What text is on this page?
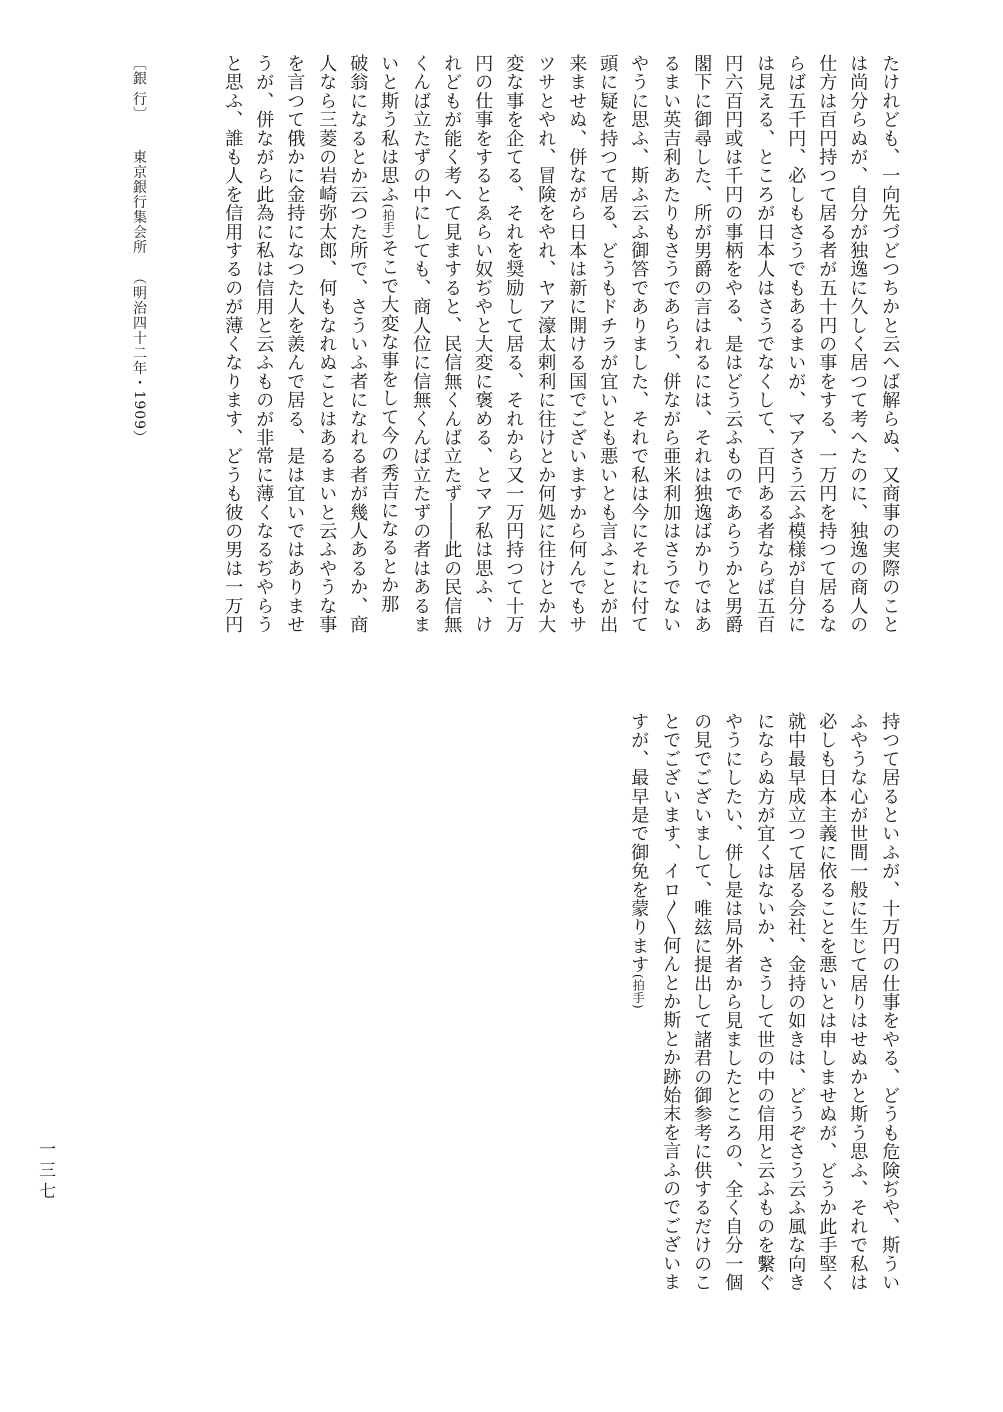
たけれども、一向先づどつちかと云へば解らぬ、又商事の実際のこと

は尚分らぬが、自分が独逸に久しく居つて考へたのに、独逸の商人の

仕方は百円持つて居る者が五十円の事をする、一万円を持つて居るな

らば五千円、必しもさうでもあるまいが、マアさう云ふ模様が自分に

は見える、ところが日本人はさうでなくして、百円ある者ならば五百

円六百円或は千円の事柄をやる、是はどう云ふものであらうかと男爵

閣下に御尋した、所が男爵の言はれるには、それは独逸ばかりではあ

るまい英吉利あたりもさうであらう、併ながら亜米利加はさうでない

やうに思ふ、斯ふ云ふ御答でありました、それで私は今にそれに付て

頭に疑を持つて居る、どうもドチラが宜いとも悪いとも言ふことが出

来ませぬ、併ながら日本は新に開ける国でございますから何んでもサ

ツサとやれ、冒険をやれ、ヤア濠太剌利に往けとか何処に往けとか大

変な事を企てる、それを奨励して居る、それから又一万円持つて十万

円の仕事をするとゑらい奴ぢやと大変に褒める、とマア私は思ふ、け

れどもが能く考へて見ますると、民信無くんば立たず――此の民信無

くんば立たずの中にしても、商人位に信無くんば立たずの者はあるま

いと斯う私は思ふ(拍手)そこで大変な事をして今の秀吉になるとか那

破翁になるとか云つた所で、さういふ者になれる者が幾人あるか、商

人なら三菱の岩崎弥太郎、何もなれぬことはあるまいと云ふやうな事

を言つて俄かに金持になつた人を羨んで居る、是は宜いではありませ

うが、併ながら此為に私は信用と云ふものが非常に薄くなるぢやらう

と思ふ、誰も人を信用するのが薄くなります、どうも彼の男は一万円

持つて居るといふが、十万円の仕事をやる、どうも危険ぢや、斯うい

ふやうな心が世間一般に生じて居りはせぬかと斯う思ふ、それで私は

必しも日本主義に依ることを悪いとは申しませぬが、どうか此手堅く

就中最早成立つて居る会社、金持の如きは、どうぞさう云ふ風な向き

にならぬ方が宜くはないか、さうして世の中の信用と云ふものを繫ぐ

やうにしたい、併し是は局外者から見ましたところの、全く自分一個

の見でございまして、唯玆に提出して諸君の御参考に供するだけのこ

とでございます、イロ〳〵何んとか斯とか跡始末を言ふのでございま

すが、最早是で御免を蒙ります(拍手)

〔銀 行〕東京銀行集会所（明治四十二年・1909）
一三七
